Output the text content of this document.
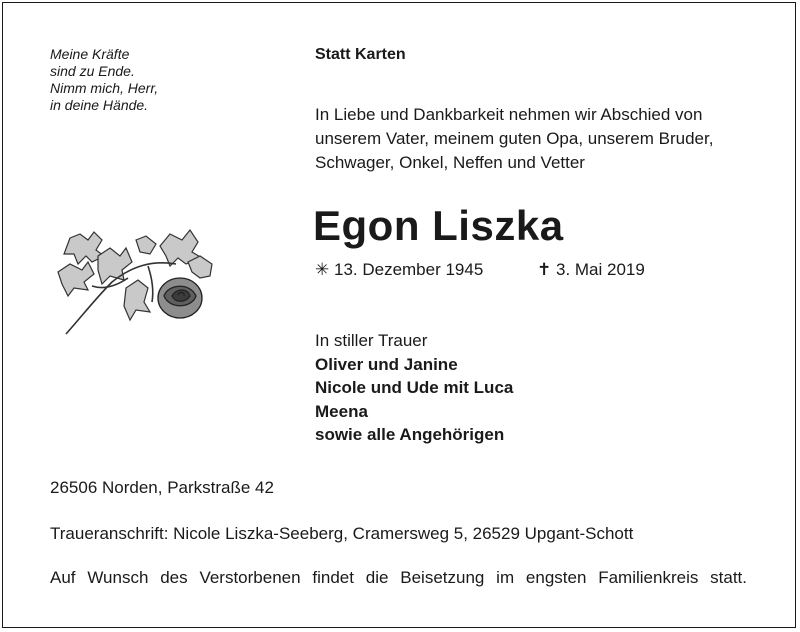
Meine Kräfte
sind zu Ende.
Nimm mich, Herr,
in deine Hände.
Statt Karten
In Liebe und Dankbarkeit nehmen wir Abschied von
unserem Vater, meinem guten Opa, unserem Bruder,
Schwager, Onkel, Neffen und Vetter
Egon Liszka
✳ 13. Dezember 1945	✝ 3. Mai 2019
In stiller Trauer
Oliver und Janine
Nicole und Ude mit Luca
Meena
sowie alle Angehörigen
26506 Norden, Parkstraße 42
Traueranschrift: Nicole Liszka-Seeberg, Cramersweg 5, 26529 Upgant-Schott
Auf Wunsch des Verstorbenen findet die Beisetzung im engsten Familienkreis statt.
